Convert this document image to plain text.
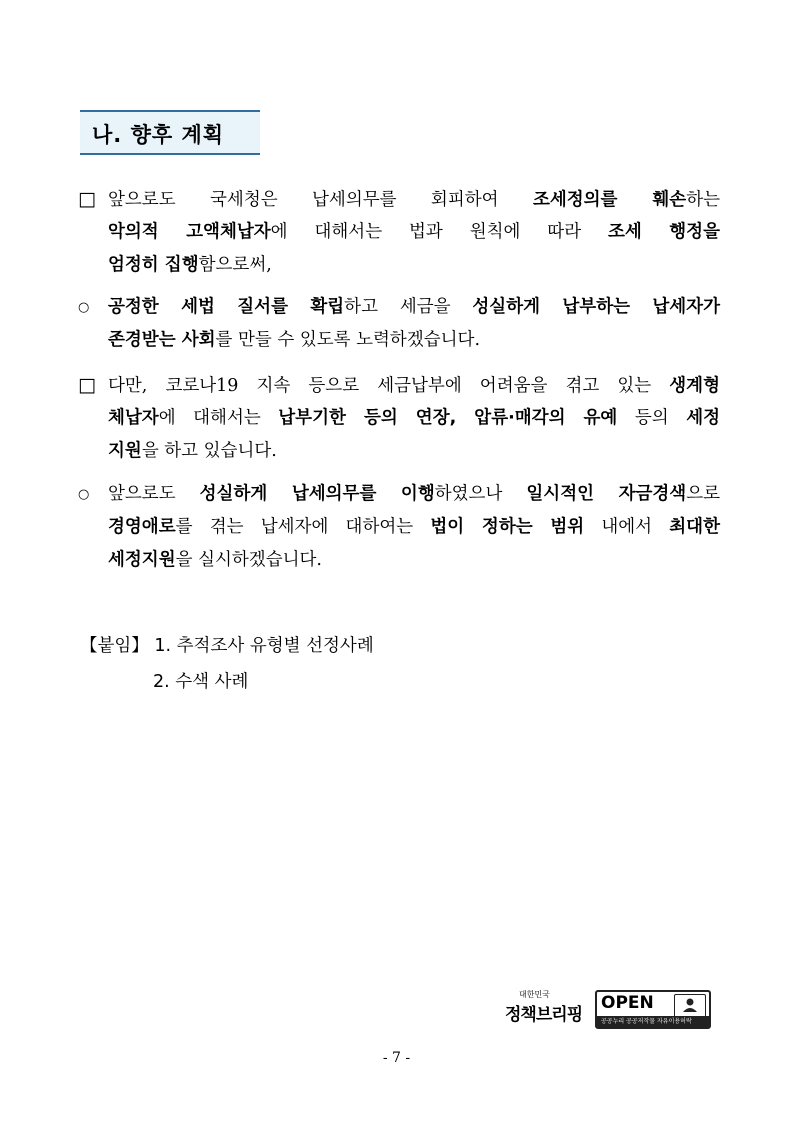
나. 향후 계획
□ 앞으로도 국세청은 납세의무를 회피하여 조세정의를 훼손하는
악의적 고액체납자에 대해서는 법과 원칙에 따라 조세 행정을
엄정히 집행함으로써,
○ 공정한 세법 질서를 확립하고 세금을 성실하게 납부하는 납세자가
존경받는 사회를 만들 수 있도록 노력하겠습니다.
□ 다만, 코로나19 지속 등으로 세금납부에 어려움을 겪고 있는 생계형
체납자에 대해서는 납부기한 등의 연장, 압류·매각의 유예 등의 세정
지원을 하고 있습니다.
○ 앞으로도 성실하게 납세의무를 이행하였으나 일시적인 자금경색으로
경영애로를 겪는 납세자에 대하여는 법이 정하는 범위 내에서 최대한
세정지원을 실시하겠습니다.
【붙임】 1. 추적조사 유형별 선정사례
2. 수색 사례
대한민국
정책브리핑
OPEN
공공누리 공공저작물 자유이용허락
- 7 -
